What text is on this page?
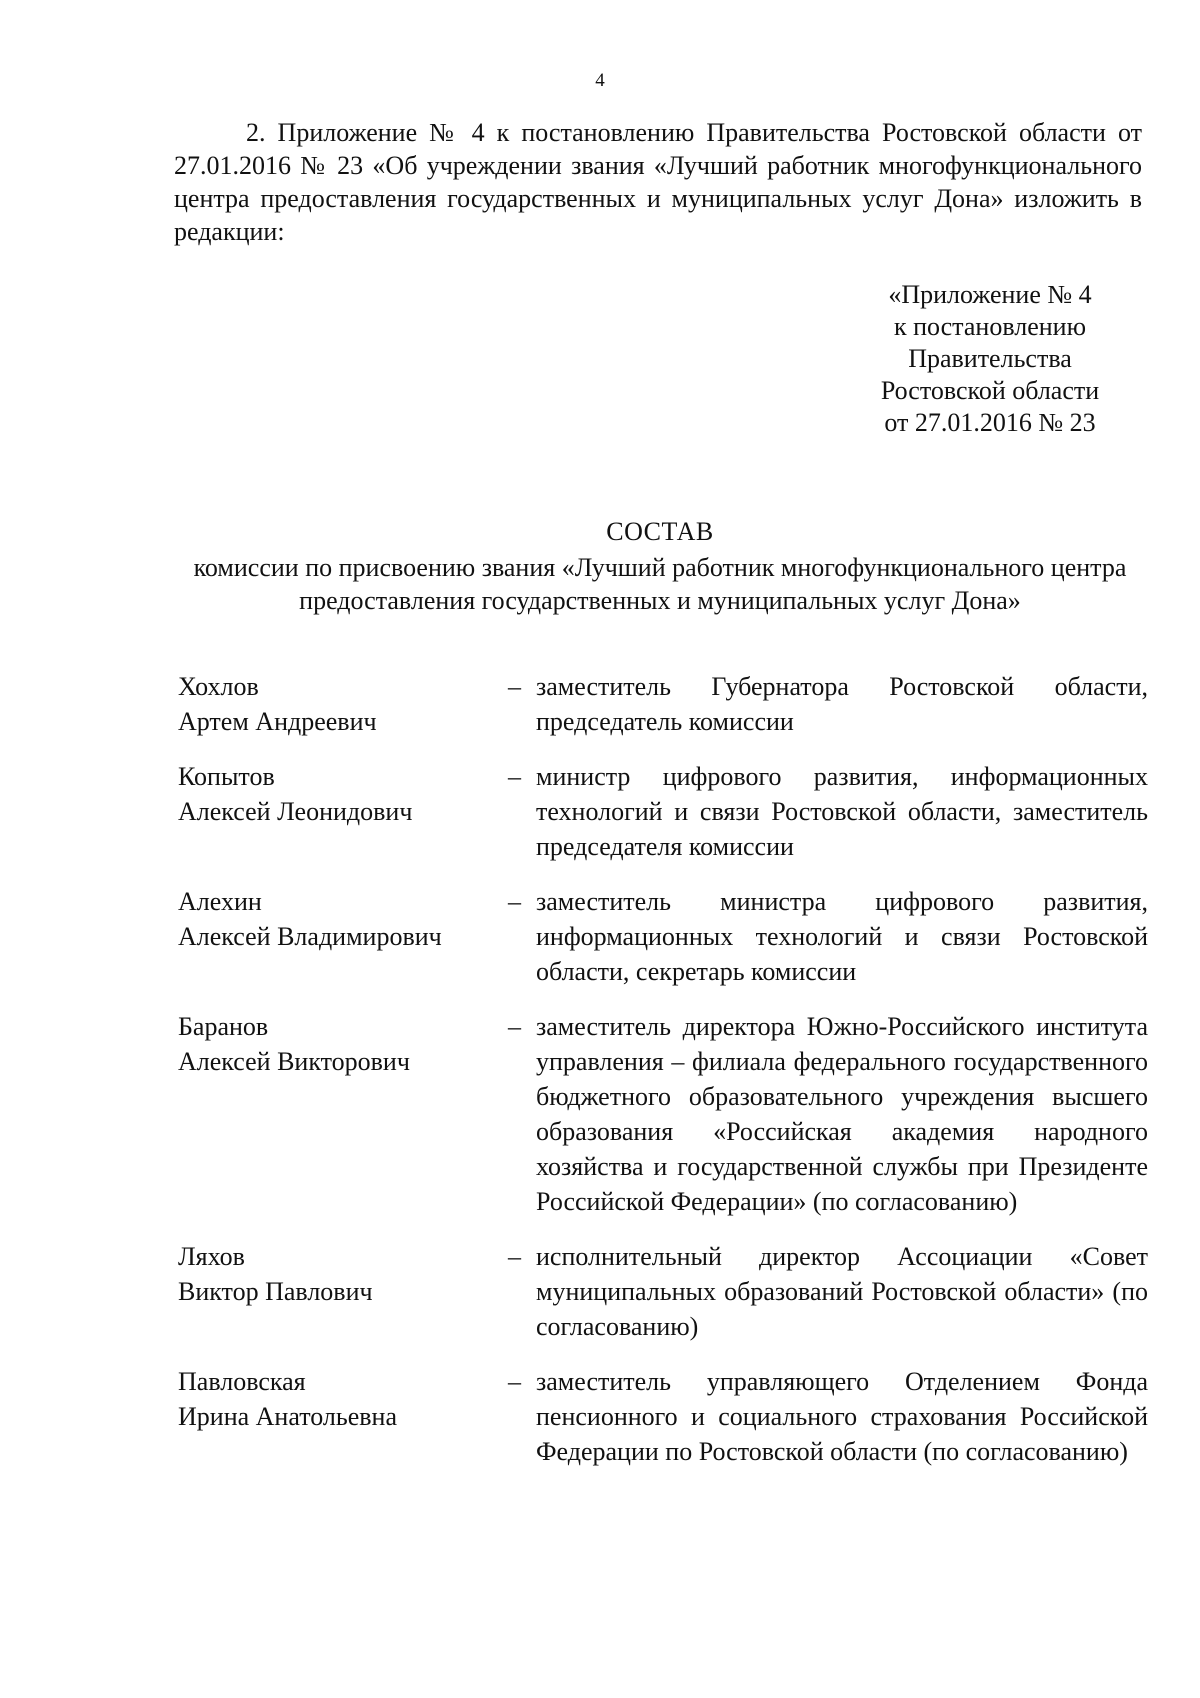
4

2. Приложение № 4 к постановлению Правительства Ростовской области от 27.01.2016 № 23 «Об учреждении звания «Лучший работник многофункционального центра предоставления государственных и муниципальных услуг Дона» изложить в редакции:

«Приложение № 4
к постановлению
Правительства
Ростовской области
от 27.01.2016 № 23
СОСТАВ

комиссии по присвоению звания «Лучший работник многофункционального центра предоставления государственных и муниципальных услуг Дона»

Хохлов
Артем Андреевич
– заместитель Губернатора Ростовской области, председатель комиссии
Копытов
Алексей Леонидович
– министр цифрового развития, информационных технологий и связи Ростовской области, заместитель председателя комиссии
Алехин
Алексей Владимирович
– заместитель министра цифрового развития, информационных технологий и связи Ростовской области, секретарь комиссии
Баранов
Алексей Викторович
– заместитель директора Южно-Российского института управления – филиала федерального государственного бюджетного образовательного учреждения высшего образования «Российская академия народного хозяйства и государственной службы при Президенте Российской Федерации» (по согласованию)
Ляхов
Виктор Павлович
– исполнительный директор Ассоциации «Совет муниципальных образований Ростовской области» (по согласованию)
Павловская
Ирина Анатольевна
– заместитель управляющего Отделением Фонда пенсионного и социального страхования Российской Федерации по Ростовской области (по согласованию)
